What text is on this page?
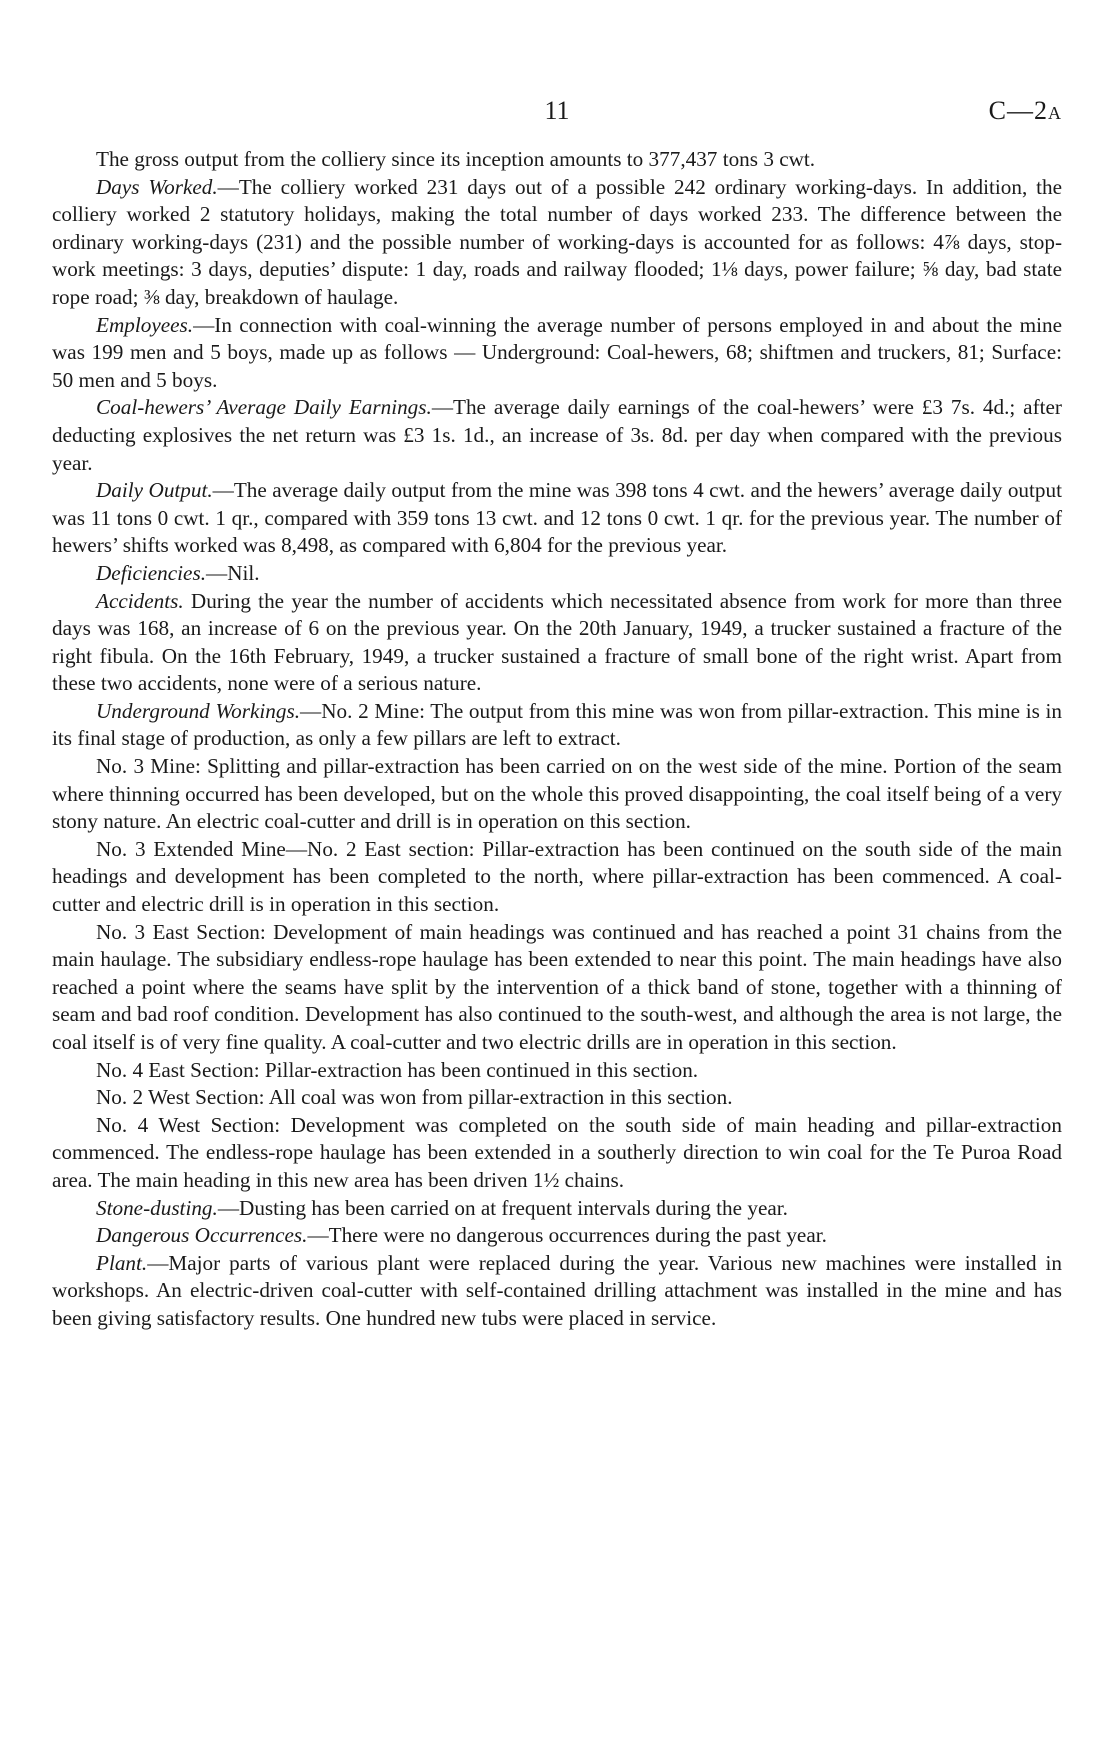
11	C—2A

The gross output from the colliery since its inception amounts to 377,437 tons 3 cwt.

Days Worked.—The colliery worked 231 days out of a possible 242 ordinary working-days. In addition, the colliery worked 2 statutory holidays, making the total number of days worked 233. The difference between the ordinary working-days (231) and the possible number of working-days is accounted for as follows: 4⅞ days, stop-work meetings: 3 days, deputies’ dispute: 1 day, roads and railway flooded; 1⅛ days, power failure; ⅝ day, bad state rope road; ⅜ day, breakdown of haulage.

Employees.—In connection with coal-winning the average number of persons employed in and about the mine was 199 men and 5 boys, made up as follows — Underground: Coal-hewers, 68; shiftmen and truckers, 81; Surface: 50 men and 5 boys.

Coal-hewers’ Average Daily Earnings.—The average daily earnings of the coal-hewers’ were £3 7s. 4d.; after deducting explosives the net return was £3 1s. 1d., an increase of 3s. 8d. per day when compared with the previous year.

Daily Output.—The average daily output from the mine was 398 tons 4 cwt. and the hewers’ average daily output was 11 tons 0 cwt. 1 qr., compared with 359 tons 13 cwt. and 12 tons 0 cwt. 1 qr. for the previous year. The number of hewers’ shifts worked was 8,498, as compared with 6,804 for the previous year.

Deficiencies.—Nil.

Accidents. During the year the number of accidents which necessitated absence from work for more than three days was 168, an increase of 6 on the previous year. On the 20th January, 1949, a trucker sustained a fracture of the right fibula. On the 16th February, 1949, a trucker sustained a fracture of small bone of the right wrist. Apart from these two accidents, none were of a serious nature.

Underground Workings.—No. 2 Mine: The output from this mine was won from pillar-extraction. This mine is in its final stage of production, as only a few pillars are left to extract.

No. 3 Mine: Splitting and pillar-extraction has been carried on on the west side of the mine. Portion of the seam where thinning occurred has been developed, but on the whole this proved disappointing, the coal itself being of a very stony nature. An electric coal-cutter and drill is in operation on this section.

No. 3 Extended Mine—No. 2 East section: Pillar-extraction has been continued on the south side of the main headings and development has been completed to the north, where pillar-extraction has been commenced. A coal-cutter and electric drill is in operation in this section.

No. 3 East Section: Development of main headings was continued and has reached a point 31 chains from the main haulage. The subsidiary endless-rope haulage has been extended to near this point. The main headings have also reached a point where the seams have split by the intervention of a thick band of stone, together with a thinning of seam and bad roof condition. Development has also continued to the south-west, and although the area is not large, the coal itself is of very fine quality. A coal-cutter and two electric drills are in operation in this section.

No. 4 East Section: Pillar-extraction has been continued in this section.

No. 2 West Section: All coal was won from pillar-extraction in this section.

No. 4 West Section: Development was completed on the south side of main heading and pillar-extraction commenced. The endless-rope haulage has been extended in a southerly direction to win coal for the Te Puroa Road area. The main heading in this new area has been driven 1½ chains.

Stone-dusting.—Dusting has been carried on at frequent intervals during the year.

Dangerous Occurrences.—There were no dangerous occurrences during the past year.

Plant.—Major parts of various plant were replaced during the year. Various new machines were installed in workshops. An electric-driven coal-cutter with self-contained drilling attachment was installed in the mine and has been giving satisfactory results. One hundred new tubs were placed in service.
